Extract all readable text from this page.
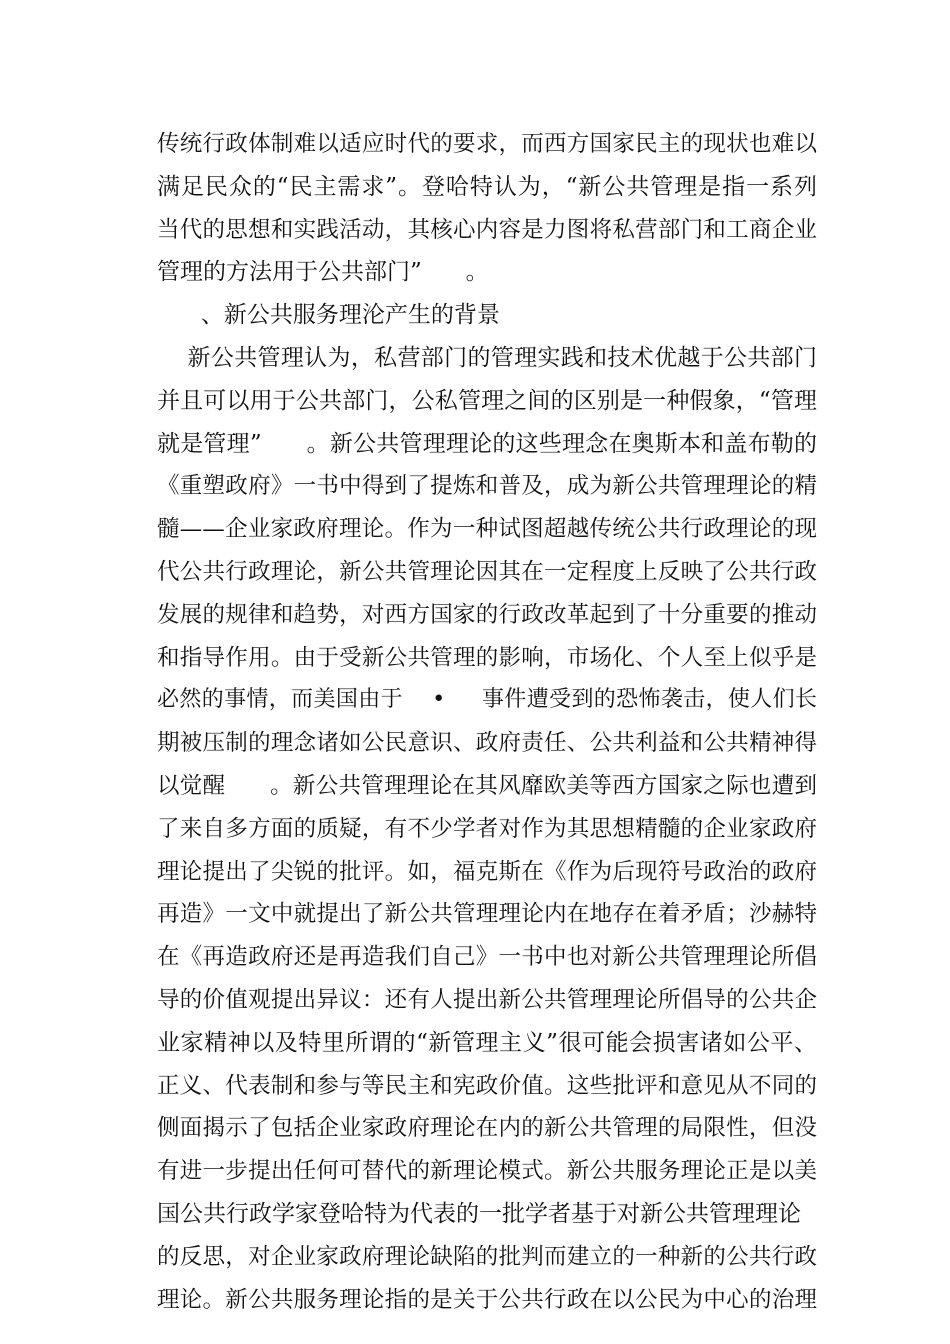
传统行政体制难以适应时代的要求，而西方国家民主的现状也难以
满足民众的“民主需求”。登哈特认为，“新公共管理是指一系列
当代的思想和实践活动，其核心内容是力图将私营部门和工商企业
管理的方法用于公共部门”      。
、新公共服务理沦产生的背景
新公共管理认为，私营部门的管理实践和技术优越于公共部门
并且可以用于公共部门，公私管理之间的区别是一种假象，“管理
就是管理”      。新公共管理理论的这些理念在奥斯本和盖布勒的
《重塑政府》一书中得到了提炼和普及，成为新公共管理理论的精
髓——企业家政府理论。作为一种试图超越传统公共行政理论的现
代公共行政理论，新公共管理论因其在一定程度上反映了公共行政
发展的规律和趋势，对西方国家的行政改革起到了十分重要的推动
和指导作用。由于受新公共管理的影响，市场化、个人至上似乎是
必然的事情，而美国由于    •     事件遭受到的恐怖袭击，使人们长
期被压制的理念诸如公民意识、政府责任、公共利益和公共精神得
以觉醒      。新公共管理理论在其风靡欧美等西方国家之际也遭到
了来自多方面的质疑，有不少学者对作为其思想精髓的企业家政府
理论提出了尖锐的批评。如，福克斯在《作为后现符号政治的政府
再造》一文中就提出了新公共管理理论内在地存在着矛盾；沙赫特
在《再造政府还是再造我们自己》一书中也对新公共管理理论所倡
导的价值观提出异议：还有人提出新公共管理理论所倡导的公共企
业家精神以及特里所谓的“新管理主义”很可能会损害诸如公平、
正义、代表制和参与等民主和宪政价值。这些批评和意见从不同的
侧面揭示了包括企业家政府理论在内的新公共管理的局限性，但没
有进一步提出任何可替代的新理论模式。新公共服务理论正是以美
国公共行政学家登哈特为代表的一批学者基于对新公共管理理论
的反思，对企业家政府理论缺陷的批判而建立的一种新的公共行政
理论。新公共服务理论指的是关于公共行政在以公民为中心的治理
